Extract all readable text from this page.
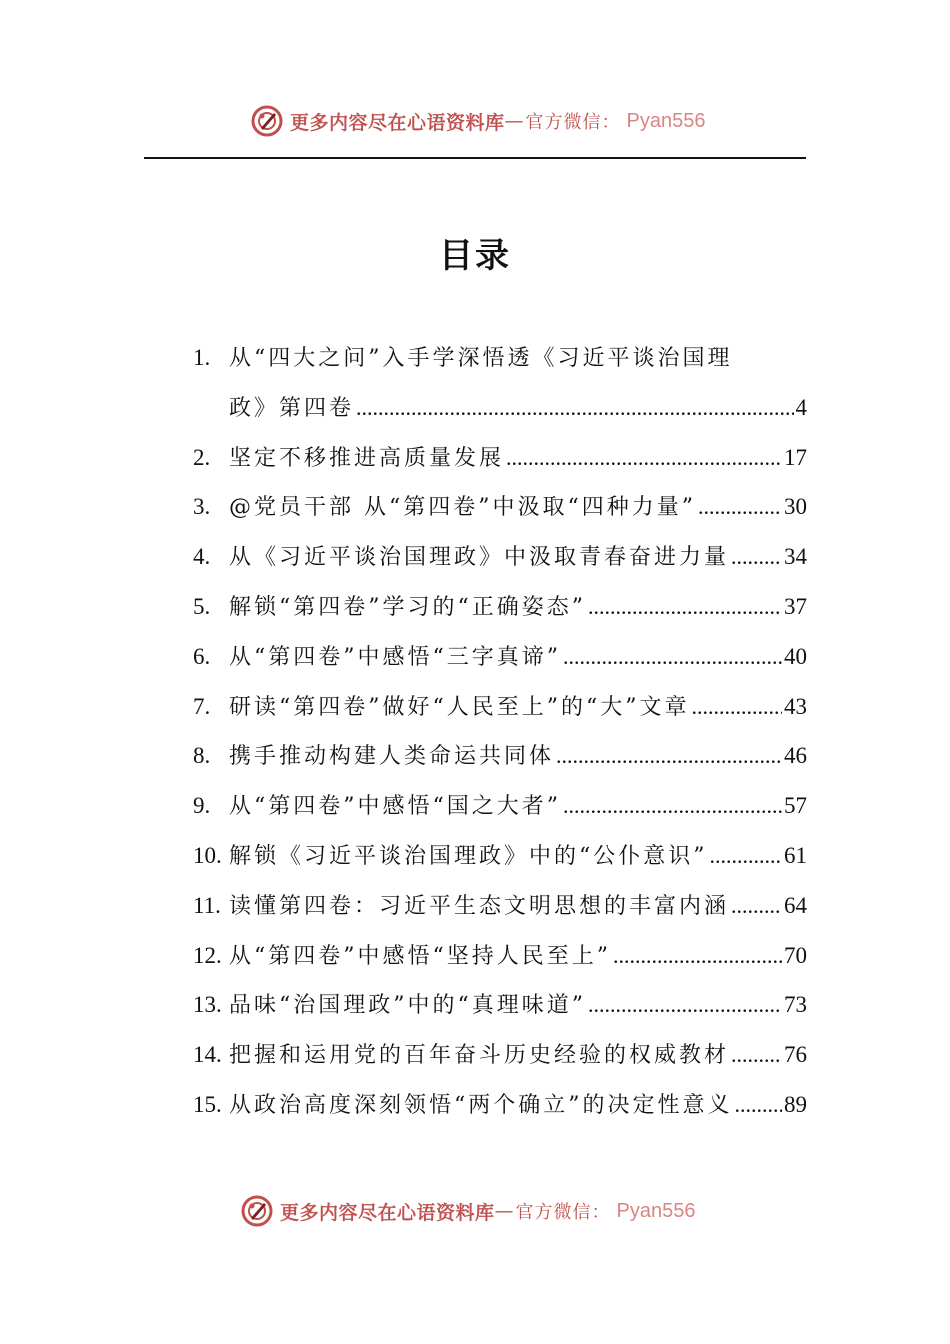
更多内容尽在心语资料库 — 官方微信： Pyan556
目录
1. 从“四大之问”入手学深悟透《习近平谈治国理
政》第四卷 .....	4
2. 坚定不移推进高质量发展 .....	17
3. @党员干部 从“第四卷”中汲取“四种力量” .....	30
4. 从《习近平谈治国理政》中汲取青春奋进力量 ..... 34
5. 解锁“第四卷”学习的“正确姿态” .....	37
6. 从“第四卷”中感悟“三字真谛” .....	40
7. 研读“第四卷”做好“人民至上”的“大”文章 .....	43
8. 携手推动构建人类命运共同体 .....	46
9. 从“第四卷”中感悟“国之大者” .....	57
10. 解锁《习近平谈治国理政》中的“公仆意识” .....	61
11. 读懂第四卷：习近平生态文明思想的丰富内涵 ..... 64
12. 从“第四卷”中感悟“坚持人民至上” .....	70
13. 品味“治国理政”中的“真理味道” .....	73
14. 把握和运用党的百年奋斗历史经验的权威教材 ..... 76
15. 从政治高度深刻领悟“两个确立”的决定性意义 ..... 89
更多内容尽在心语资料库 — 官方微信： Pyan556
